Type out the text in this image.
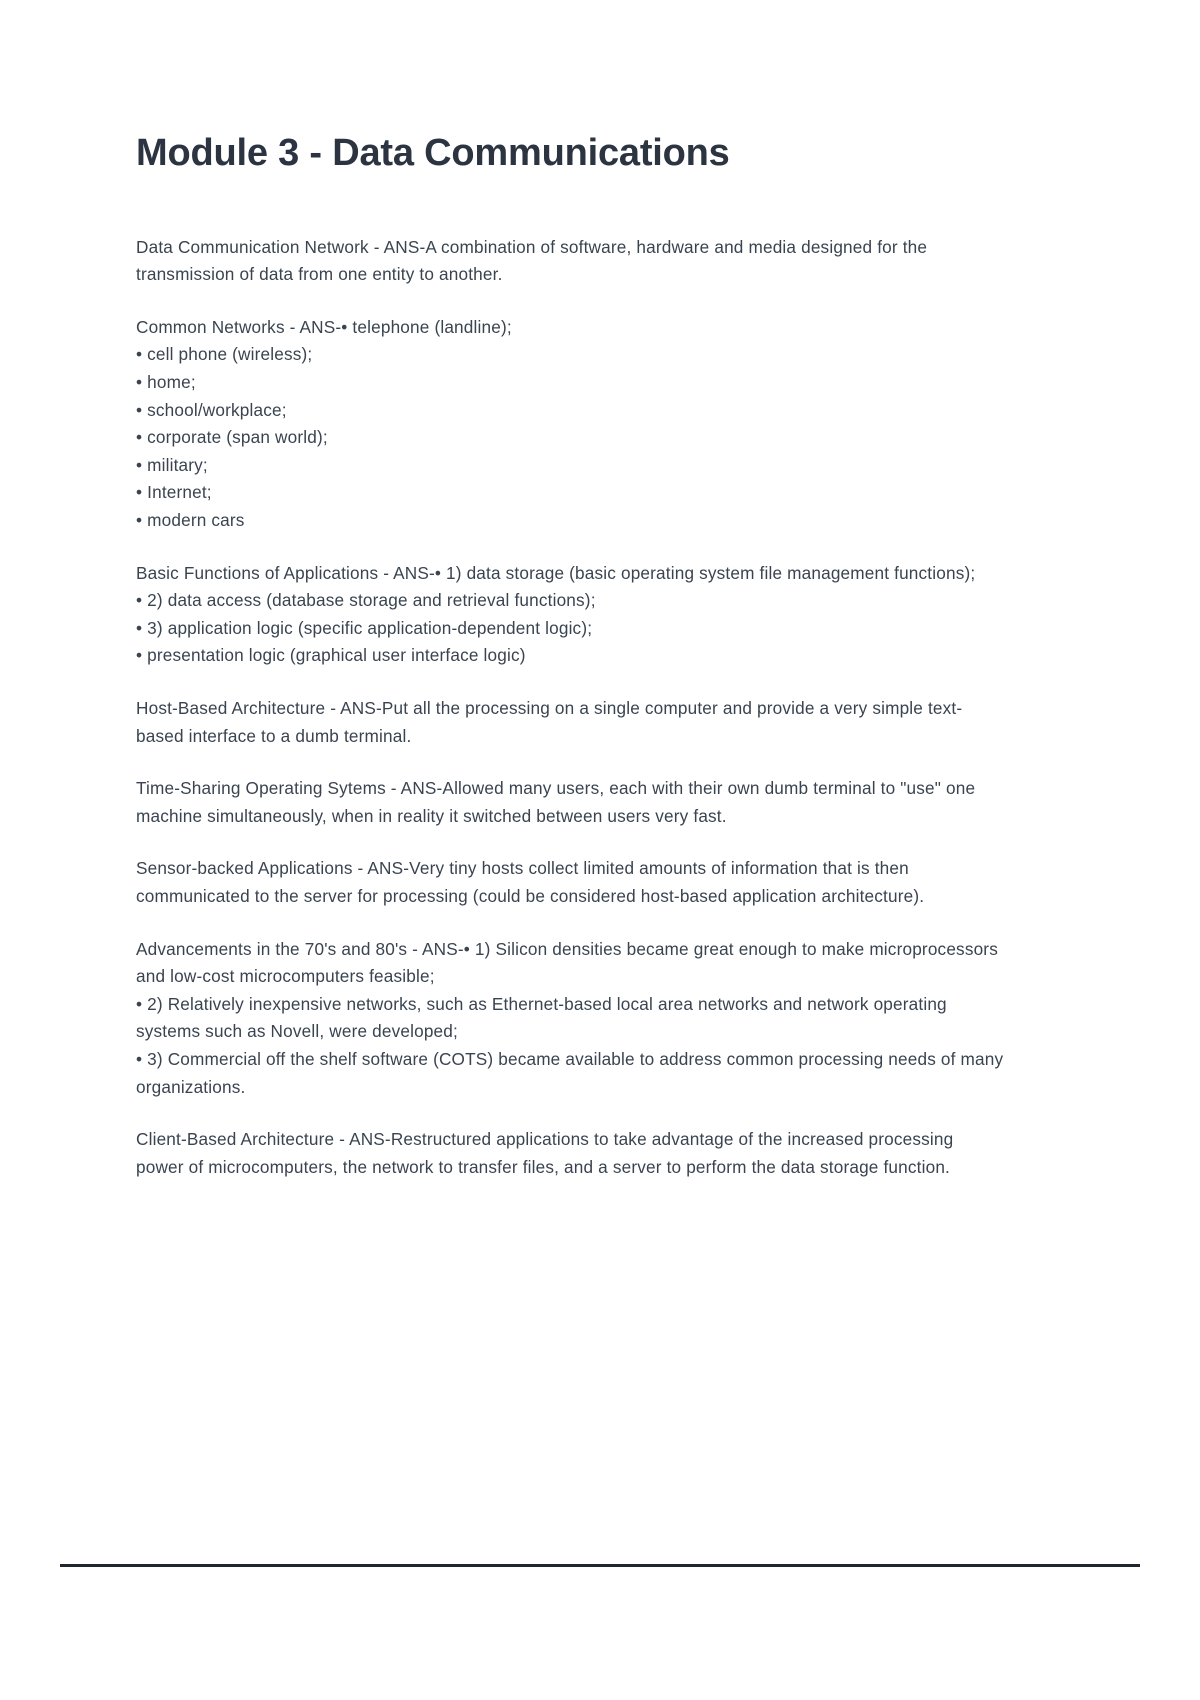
Module 3 - Data Communications

Data Communication Network - ANS-A combination of software, hardware and media designed for the transmission of data from one entity to another.

Common Networks - ANS-• telephone (landline);

• cell phone (wireless);

• home;

• school/workplace;

• corporate (span world);

• military;

• Internet;

• modern cars

Basic Functions of Applications - ANS-• 1) data storage (basic operating system file management functions);

• 2) data access (database storage and retrieval functions);

• 3) application logic (specific application-dependent logic);

• presentation logic (graphical user interface logic)

Host-Based Architecture - ANS-Put all the processing on a single computer and provide a very simple text-based interface to a dumb terminal.

Time-Sharing Operating Sytems - ANS-Allowed many users, each with their own dumb terminal to "use" one machine simultaneously, when in reality it switched between users very fast.

Sensor-backed Applications - ANS-Very tiny hosts collect limited amounts of information that is then communicated to the server for processing (could be considered host-based application architecture).

Advancements in the 70's and 80's - ANS-• 1) Silicon densities became great enough to make microprocessors and low-cost microcomputers feasible;

• 2) Relatively inexpensive networks, such as Ethernet-based local area networks and network operating systems such as Novell, were developed;

• 3) Commercial off the shelf software (COTS) became available to address common processing needs of many organizations.

Client-Based Architecture - ANS-Restructured applications to take advantage of the increased processing power of microcomputers, the network to transfer files, and a server to perform the data storage function.
